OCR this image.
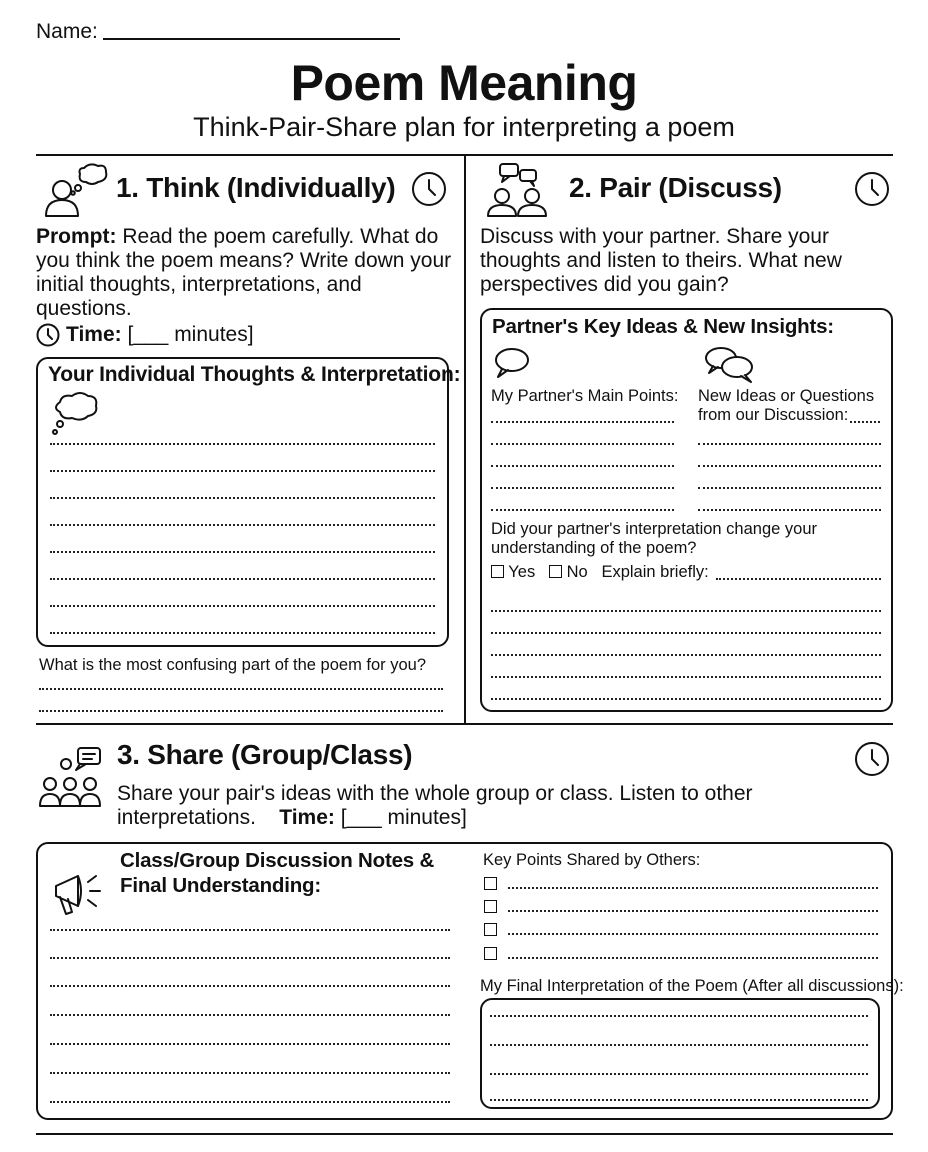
Name:
Poem Meaning
Think-Pair-Share plan for interpreting a poem
1. Think (Individually)
Prompt: Read the poem carefully. What do you think the poem means? Write down your initial thoughts, interpretations, and questions.
Time: [___ minutes]
Your Individual Thoughts & Interpretation:
What is the most confusing part of the poem for you?
2. Pair (Discuss)
Discuss with your partner. Share your thoughts and listen to theirs. What new perspectives did you gain?
Partner's Key Ideas & New Insights:
My Partner's Main Points: New Ideas or Questions
from our Discussion:
Did your partner's interpretation change your understanding of the poem?
Yes No Explain briefly:
3. Share (Group/Class)
Share your pair's ideas with the whole group or class. Listen to other interpretations. Time: [___ minutes]
Class/Group Discussion Notes &
Final Understanding:
Key Points Shared by Others:
My Final Interpretation of the Poem (After all discussions):
